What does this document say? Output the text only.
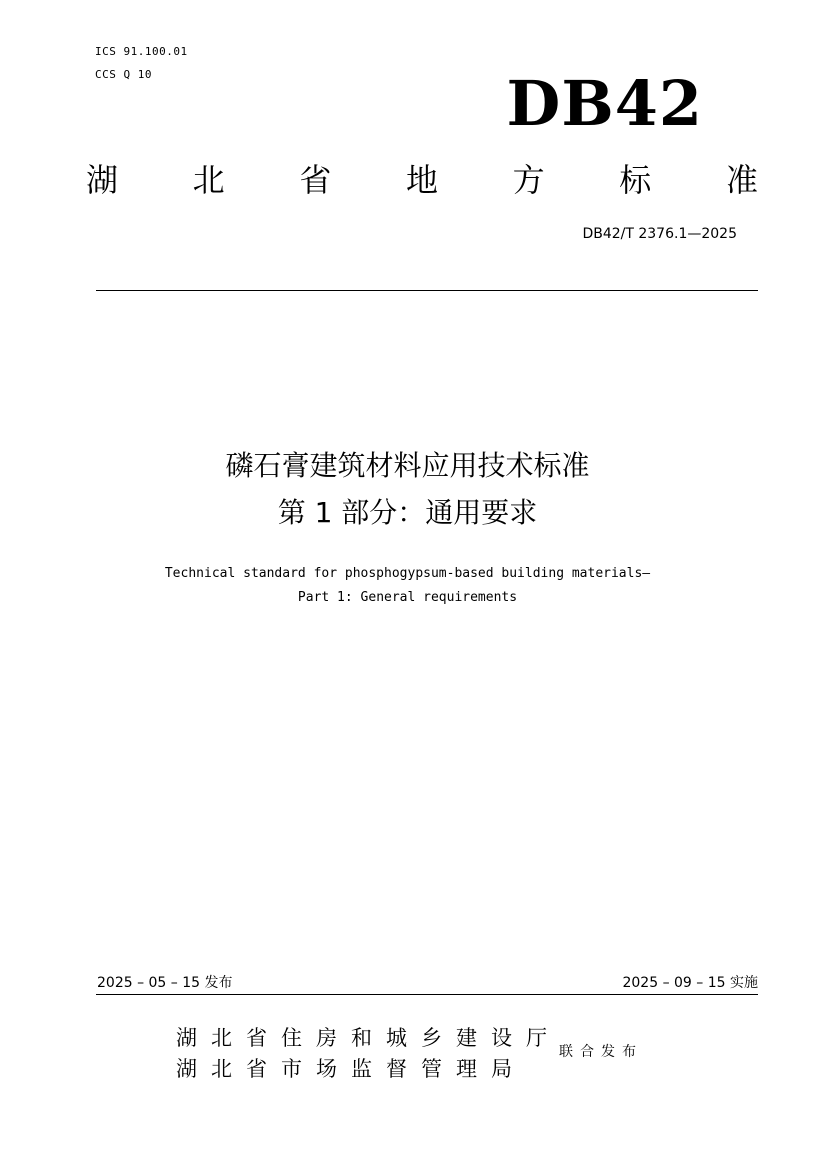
ICS 91.100.01
CCS Q 10	DB42
湖 北 省 地 方 标 准
DB42/T 2376.1—2025
磷石膏建筑材料应用技术标准
第 1 部分：通用要求
Technical standard for phosphogypsum-based building materials—
Part 1: General requirements
2025 – 05 – 15 发布	2025 – 09 – 15 实施
湖 北 省 住 房 和 城 乡 建 设 厅
湖 北 省 市 场 监 督 管 理 局
联合发布
